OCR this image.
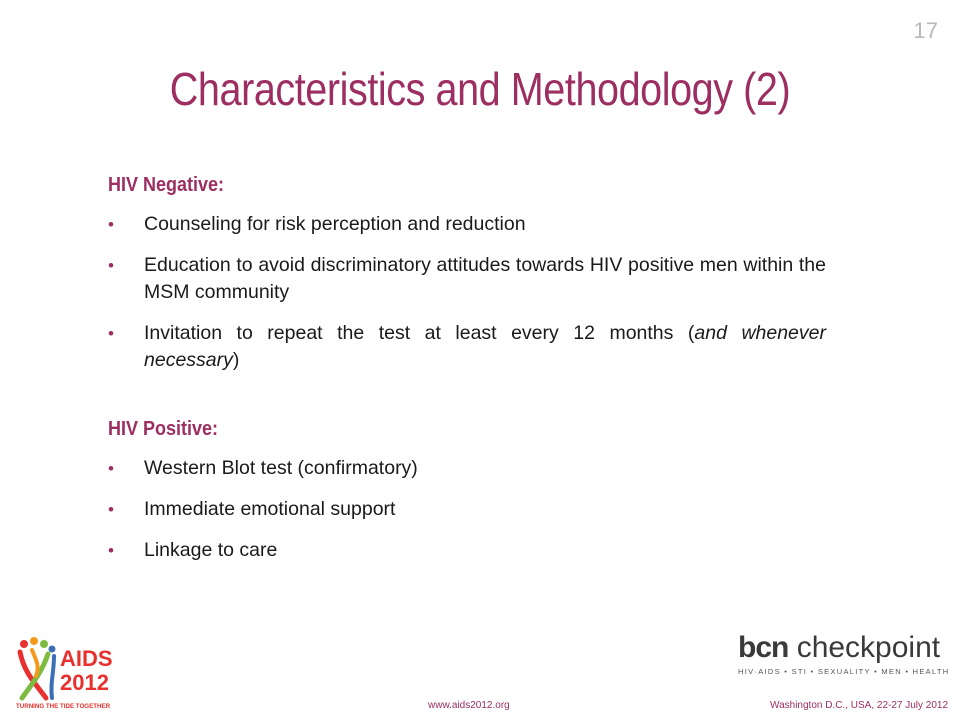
17
Characteristics and Methodology (2)
HIV Negative:
• Counseling for risk perception and reduction
• Education to avoid discriminatory attitudes towards HIV positive men within the MSM community
• Invitation to repeat the test at least every 12 months (and whenever necessary)
HIV Positive:
• Western Blot test (confirmatory)
• Immediate emotional support
• Linkage to care
AIDS
2012
TURNING THE TIDE TOGETHER
bcn checkpoint
HIV·AIDS • STI • SEXUALITY • MEN • HEALTH
www.aids2012.org	Washington D.C., USA, 22-27 July 2012
